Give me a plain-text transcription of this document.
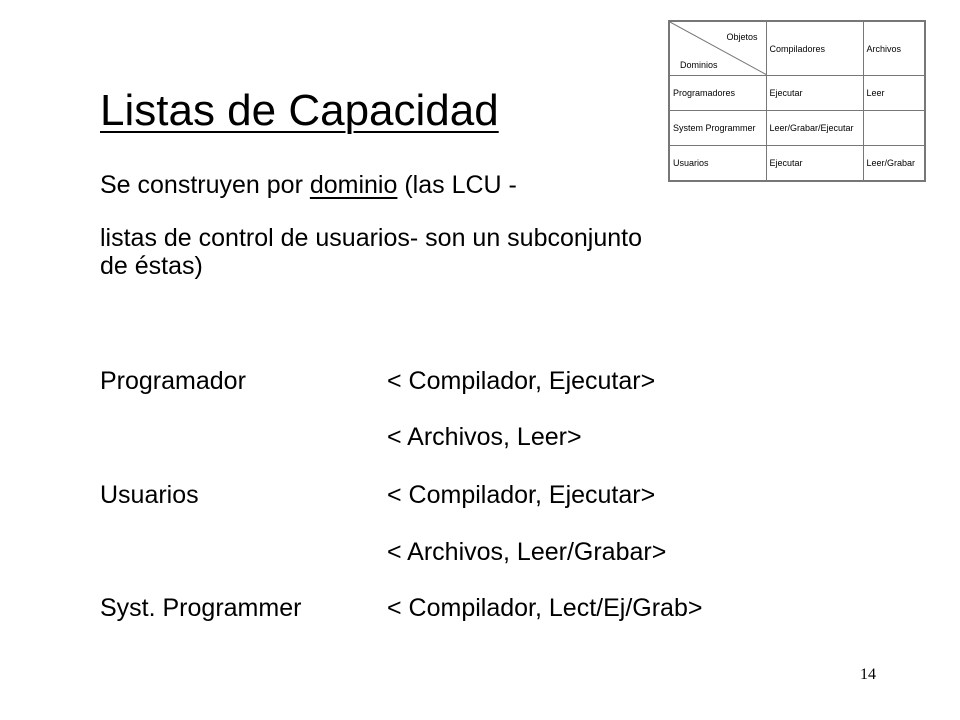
Listas de Capacidad
Se construyen por dominio (las LCU -
listas de control de usuarios- son un subconjunto
de éstas)
Programador	< Compilador, Ejecutar>
< Archivos, Leer>
Usuarios	< Compilador, Ejecutar>
< Archivos, Leer/Grabar>
Syst. Programmer	< Compilador, Lect/Ej/Grab>
Objetos
Dominios	Compiladores	Archivos
Programadores	Ejecutar	Leer
System Programmer	Leer/Grabar/Ejecutar	
Usuarios	Ejecutar	Leer/Grabar
14
